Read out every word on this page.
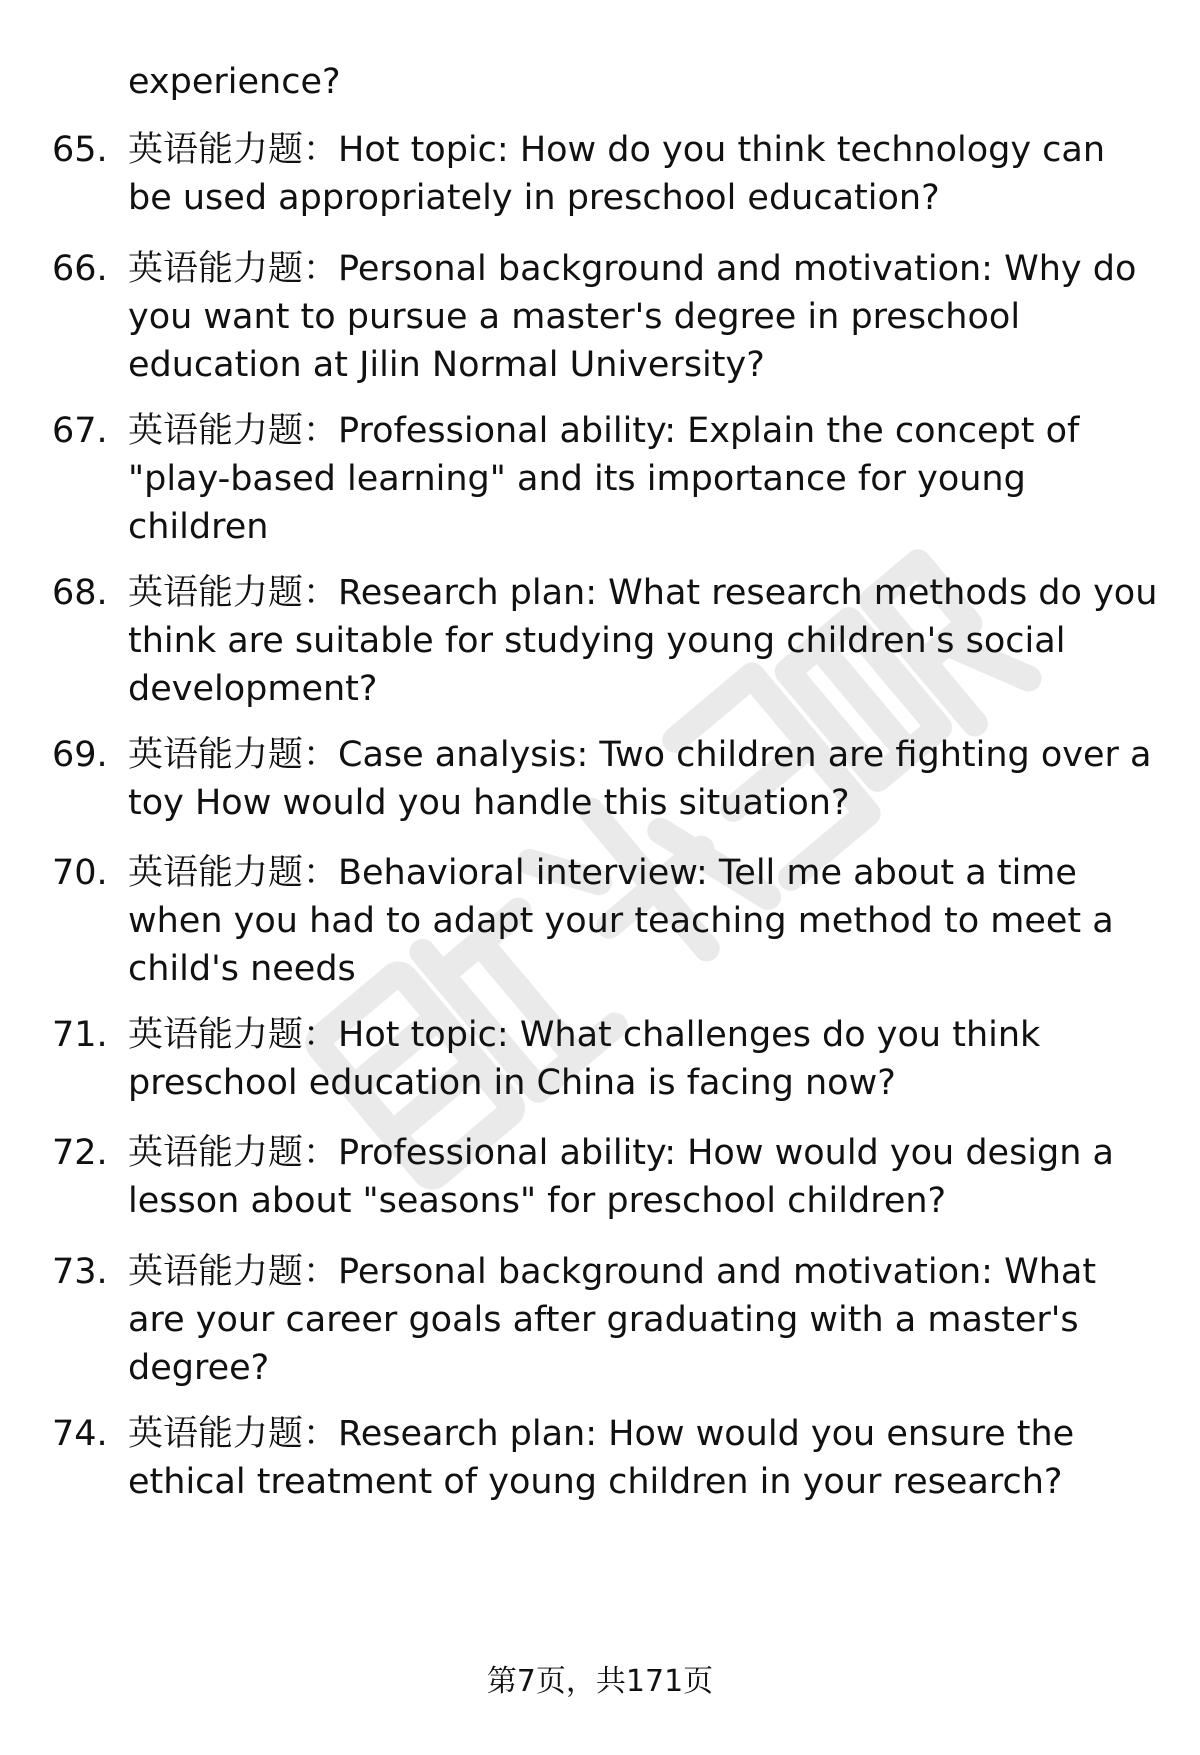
experience?
65. 英语能力题：Hot topic: How do you think technology can be used appropriately in preschool education?
66. 英语能力题：Personal background and motivation: Why do you want to pursue a master's degree in preschool education at Jilin Normal University?
67. 英语能力题：Professional ability: Explain the concept of "play-based learning" and its importance for young children
68. 英语能力题：Research plan: What research methods do you think are suitable for studying young children's social development?
69. 英语能力题：Case analysis: Two children are fighting over a toy How would you handle this situation?
70. 英语能力题：Behavioral interview: Tell me about a time when you had to adapt your teaching method to meet a child's needs
71. 英语能力题：Hot topic: What challenges do you think preschool education in China is facing now?
72. 英语能力题：Professional ability: How would you design a lesson about "seasons" for preschool children?
73. 英语能力题：Personal background and motivation: What are your career goals after graduating with a master's degree?
74. 英语能力题：Research plan: How would you ensure the ethical treatment of young children in your research?
第7页，共171页
